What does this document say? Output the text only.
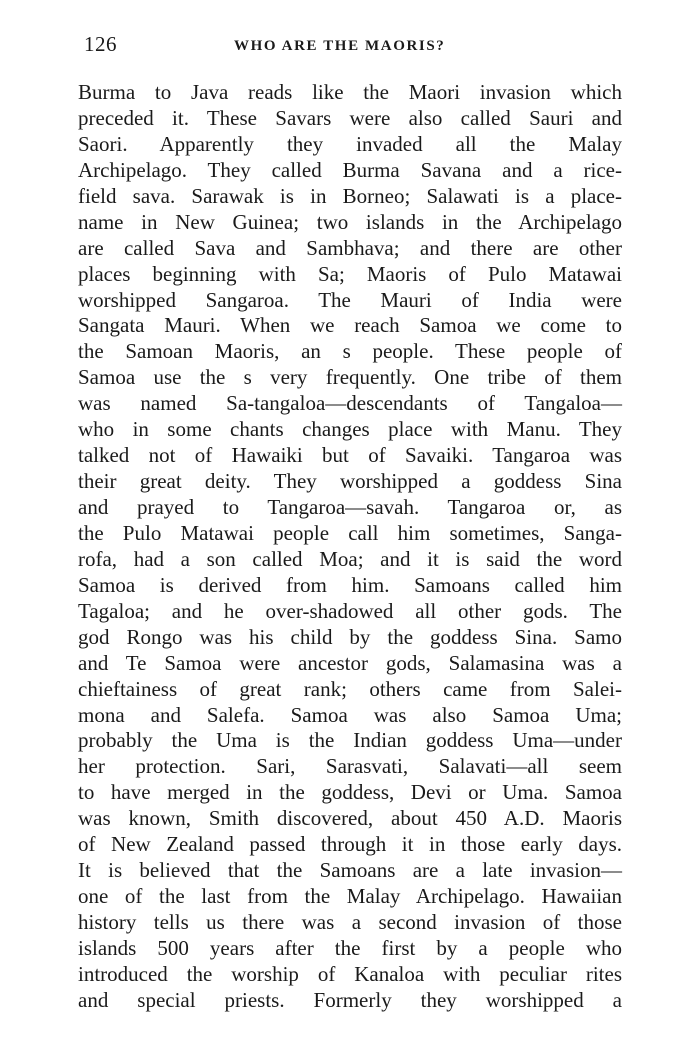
126	WHO ARE THE MAORIS?
Burma to Java reads like the Maori invasion which
preceded it. These Savars were also called Sauri and
Saori. Apparently they invaded all the Malay
Archipelago. They called Burma Savana and a rice-
field sava. Sarawak is in Borneo; Salawati is a place-
name in New Guinea; two islands in the Archipelago
are called Sava and Sambhava; and there are other
places beginning with Sa; Maoris of Pulo Matawai
worshipped Sangaroa. The Mauri of India were
Sangata Mauri. When we reach Samoa we come to
the Samoan Maoris, an s people. These people of
Samoa use the s very frequently. One tribe of them
was named Sa-tangaloa—descendants of Tangaloa—
who in some chants changes place with Manu. They
talked not of Hawaiki but of Savaiki. Tangaroa was
their great deity. They worshipped a goddess Sina
and prayed to Tangaroa—savah. Tangaroa or, as
the Pulo Matawai people call him sometimes, Sanga-
rofa, had a son called Moa; and it is said the word
Samoa is derived from him. Samoans called him
Tagaloa; and he over-shadowed all other gods. The
god Rongo was his child by the goddess Sina. Samo
and Te Samoa were ancestor gods, Salamasina was a
chieftainess of great rank; others came from Salei-
mona and Salefa. Samoa was also Samoa Uma;
probably the Uma is the Indian goddess Uma—under
her protection. Sari, Sarasvati, Salavati—all seem
to have merged in the goddess, Devi or Uma. Samoa
was known, Smith discovered, about 450 A.D. Maoris
of New Zealand passed through it in those early days.
It is believed that the Samoans are a late invasion—
one of the last from the Malay Archipelago. Hawaiian
history tells us there was a second invasion of those
islands 500 years after the first by a people who
introduced the worship of Kanaloa with peculiar rites
and special priests. Formerly they worshipped a
